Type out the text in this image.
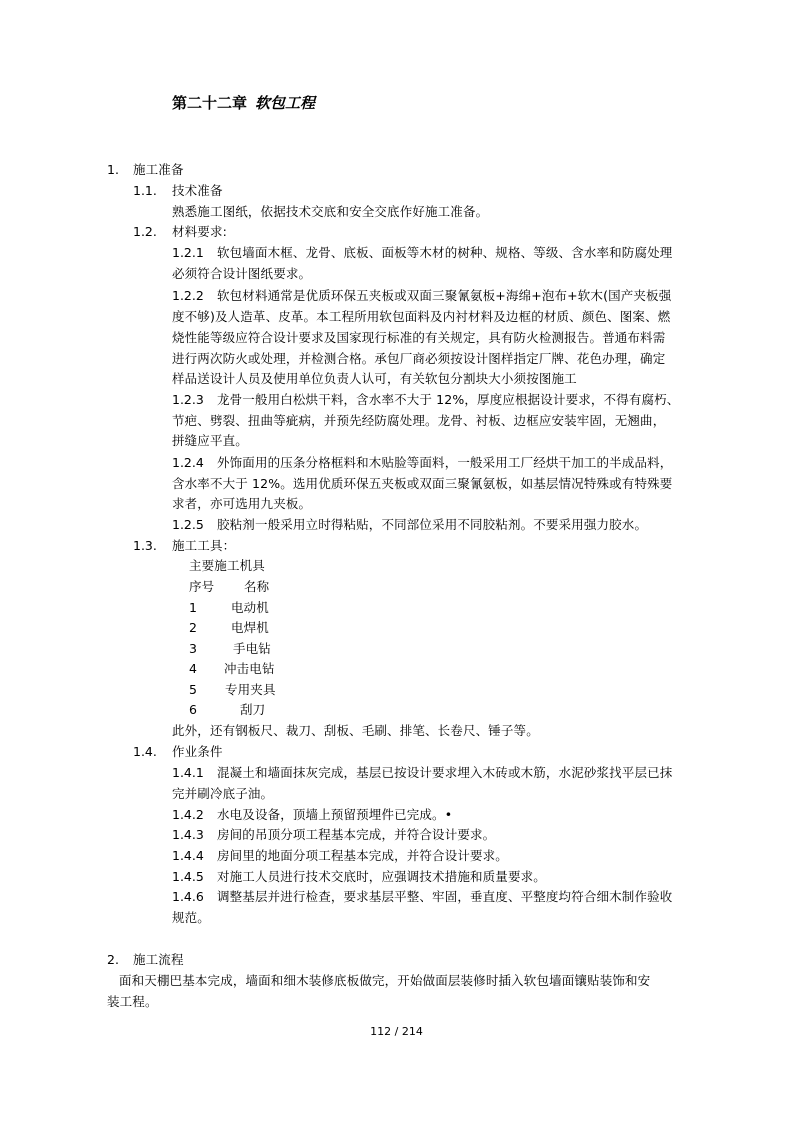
第二十二章 软包工程
1. 施工准备
1.1. 技术准备
熟悉施工图纸，依据技术交底和安全交底作好施工准备。
1.2. 材料要求:
1.2.1 软包墙面木框、龙骨、底板、面板等木材的树种、规格、等级、含水率和防腐处理
必须符合设计图纸要求。
1.2.2 软包材料通常是优质环保五夹板或双面三聚氰氨板+海绵+泡布+软木(国产夹板强
度不够)及人造革、皮革。本工程所用软包面料及内衬材料及边框的材质、颜色、图案、燃
烧性能等级应符合设计要求及国家现行标准的有关规定，具有防火检测报告。普通布料需
进行两次防火或处理，并检测合格。承包厂商必须按设计图样指定厂牌、花色办理，确定
样品送设计人员及使用单位负责人认可，有关软包分割块大小须按图施工
1.2.3 龙骨一般用白松烘干料，含水率不大于 12%，厚度应根据设计要求，不得有腐朽、
节疤、劈裂、扭曲等疵病，并预先经防腐处理。龙骨、衬板、边框应安装牢固，无翘曲，
拼缝应平直。
1.2.4 外饰面用的压条分格框料和木贴脸等面料，一般采用工厂经烘干加工的半成品料，
含水率不大于 12%。选用优质环保五夹板或双面三聚氰氨板，如基层情况特殊或有特殊要
求者，亦可选用九夹板。
1.2.5 胶粘剂一般采用立时得粘贴，不同部位采用不同胶粘剂。不要采用强力胶水。
1.3. 施工工具：
主要施工机具
序号 名称
1	电动机
2	电焊机
3	手电钻
4 冲击电钻
5 专用夹具
6	刮刀
此外，还有钢板尺、裁刀、刮板、毛刷、排笔、长卷尺、锤子等。
1.4. 作业条件
1.4.1 混凝土和墙面抹灰完成，基层已按设计要求埋入木砖或木筋，水泥砂浆找平层已抹
完并刷冷底子油。
1.4.2 水电及设备，顶墙上预留预埋件已完成。•
1.4.3 房间的吊顶分项工程基本完成，并符合设计要求。
1.4.4 房间里的地面分项工程基本完成，并符合设计要求。
1.4.5 对施工人员进行技术交底时，应强调技术措施和质量要求。
1.4.6 调整基层并进行检查，要求基层平整、牢固，垂直度、平整度均符合细木制作验收
规范。
2. 施工流程
面和天棚巴基本完成，墙面和细木装修底板做完，开始做面层装修时插入软包墙面镶贴装饰和安
装工程。
112 / 214
